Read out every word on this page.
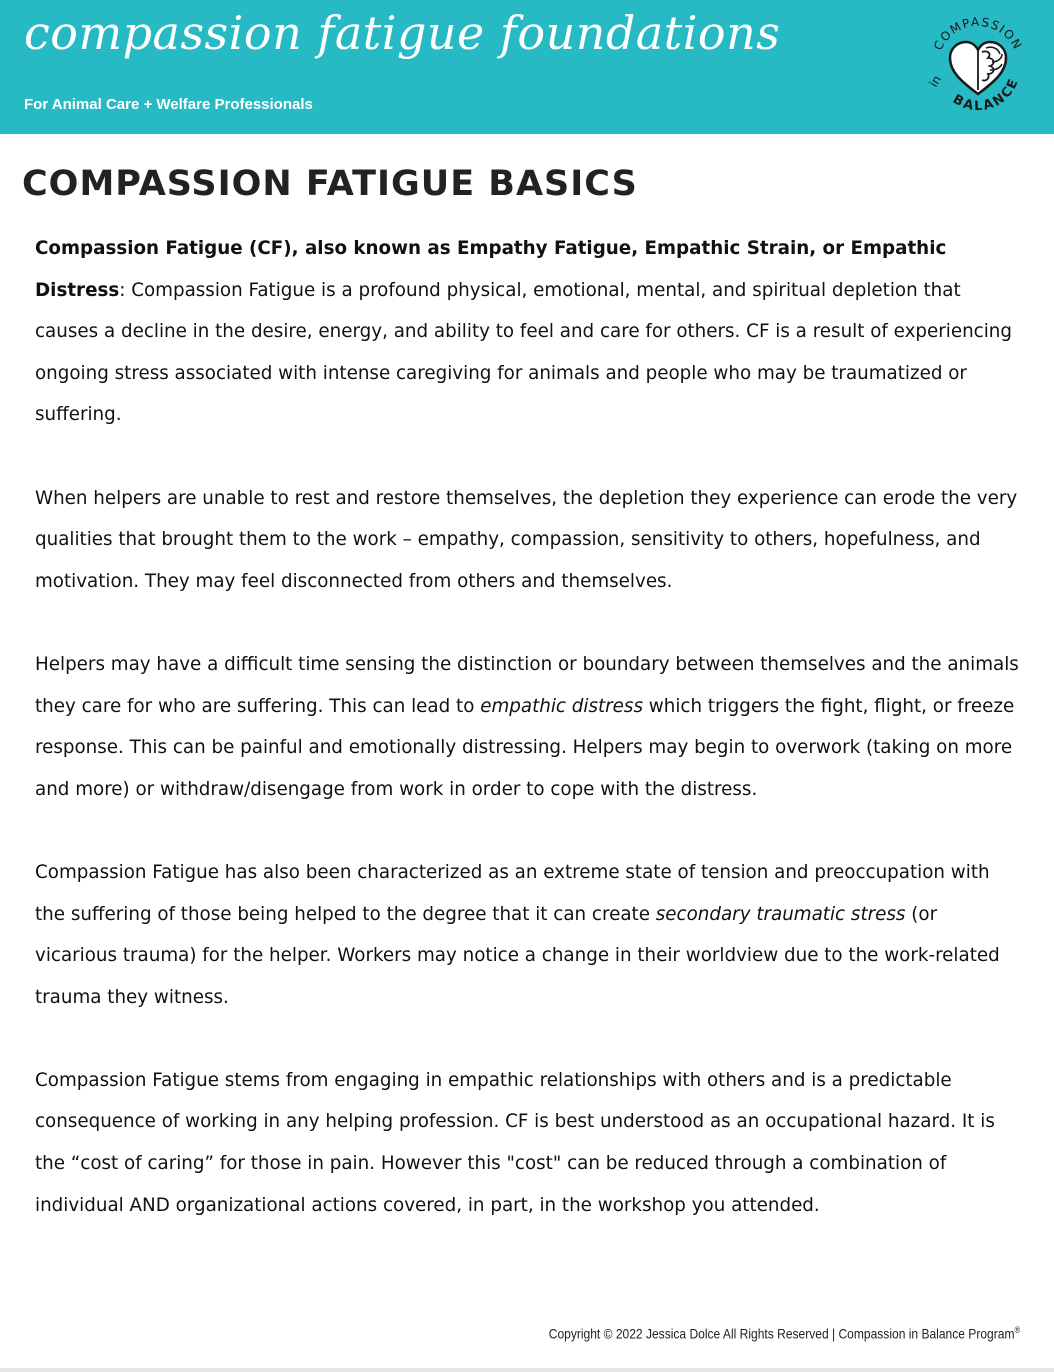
compassion fatigue foundations
For Animal Care + Welfare Professionals
COMPASSION
BALANCE
in
COMPASSION FATIGUE BASICS

Compassion Fatigue (CF), also known as Empathy Fatigue, Empathic Strain, or Empathic Distress: Compassion Fatigue is a profound physical, emotional, mental, and spiritual depletion that causes a decline in the desire, energy, and ability to feel and care for others. CF is a result of experiencing ongoing stress associated with intense caregiving for animals and people who may be traumatized or suffering.

When helpers are unable to rest and restore themselves, the depletion they experience can erode the very qualities that brought them to the work – empathy, compassion, sensitivity to others, hopefulness, and motivation. They may feel disconnected from others and themselves.

Helpers may have a difficult time sensing the distinction or boundary between themselves and the animals they care for who are suffering. This can lead to empathic distress which triggers the fight, flight, or freeze response. This can be painful and emotionally distressing. Helpers may begin to overwork (taking on more and more) or withdraw/disengage from work in order to cope with the distress.

Compassion Fatigue has also been characterized as an extreme state of tension and preoccupation with the suffering of those being helped to the degree that it can create secondary traumatic stress (or vicarious trauma) for the helper. Workers may notice a change in their worldview due to the work-related trauma they witness.

Compassion Fatigue stems from engaging in empathic relationships with others and is a predictable consequence of working in any helping profession. CF is best understood as an occupational hazard. It is the “cost of caring” for those in pain. However this "cost" can be reduced through a combination of individual AND organizational actions covered, in part, in the workshop you attended.

Copyright © 2022 Jessica Dolce All Rights Reserved | Compassion in Balance Program®
